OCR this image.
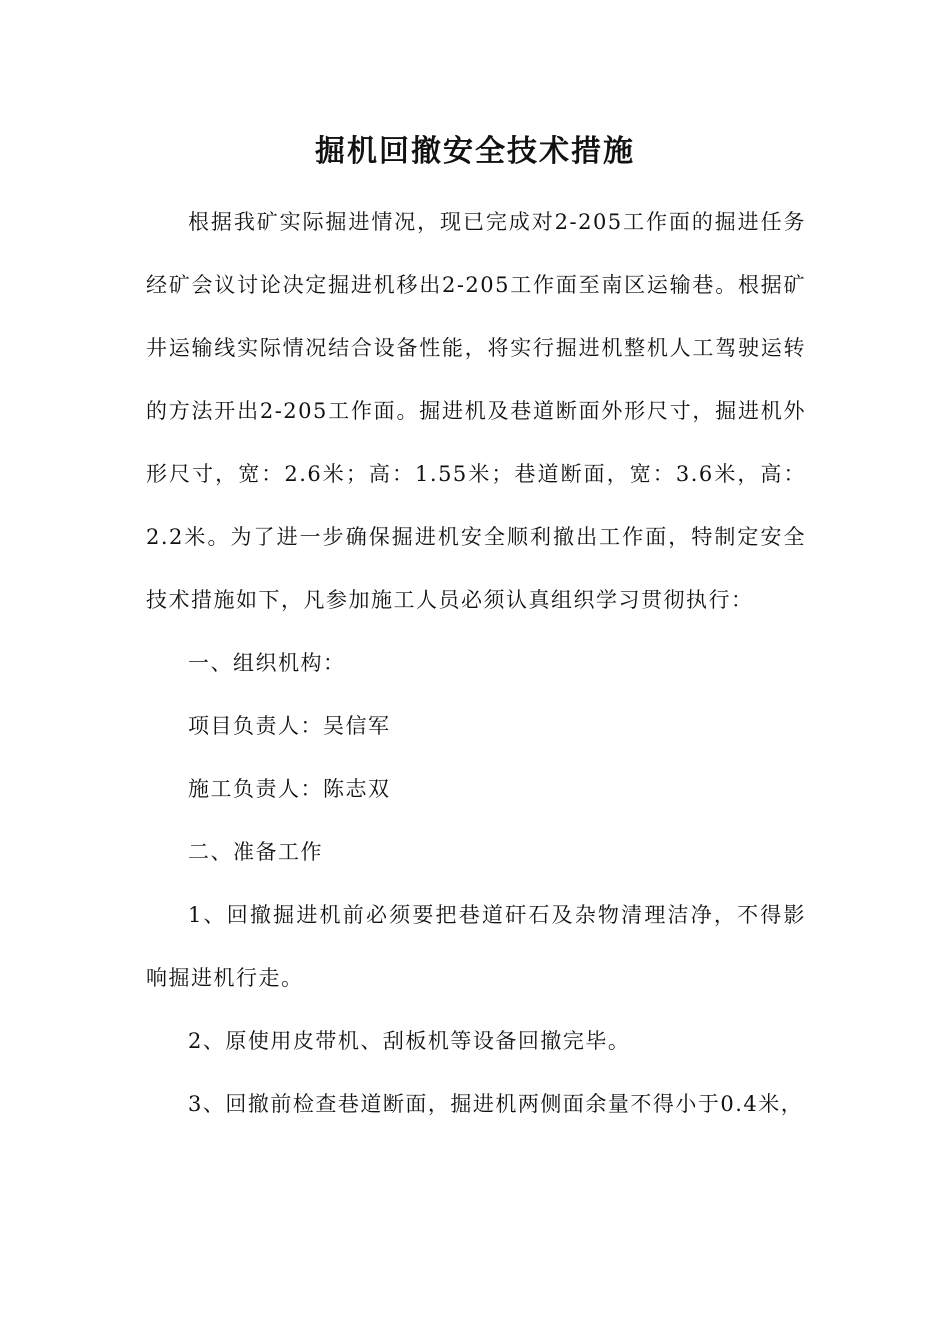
掘机回撤安全技术措施

根据我矿实际掘进情况，现已完成对2-205工作面的掘进任务经矿会议讨论决定掘进机移出2-205工作面至南区运输巷。根据矿井运输线实际情况结合设备性能，将实行掘进机整机人工驾驶运转的方法开出2-205工作面。掘进机及巷道断面外形尺寸，掘进机外形尺寸，宽：2.6米；高：1.55米；巷道断面，宽：3.6米，高：2.2米。为了进一步确保掘进机安全顺利撤出工作面，特制定安全技术措施如下，凡参加施工人员必须认真组织学习贯彻执行：

一、组织机构：

项目负责人：吴信军

施工负责人：陈志双

二、准备工作

1、回撤掘进机前必须要把巷道矸石及杂物清理洁净，不得影响掘进机行走。

2、原使用皮带机、刮板机等设备回撤完毕。

3、回撤前检查巷道断面，掘进机两侧面余量不得小于0.4米，
